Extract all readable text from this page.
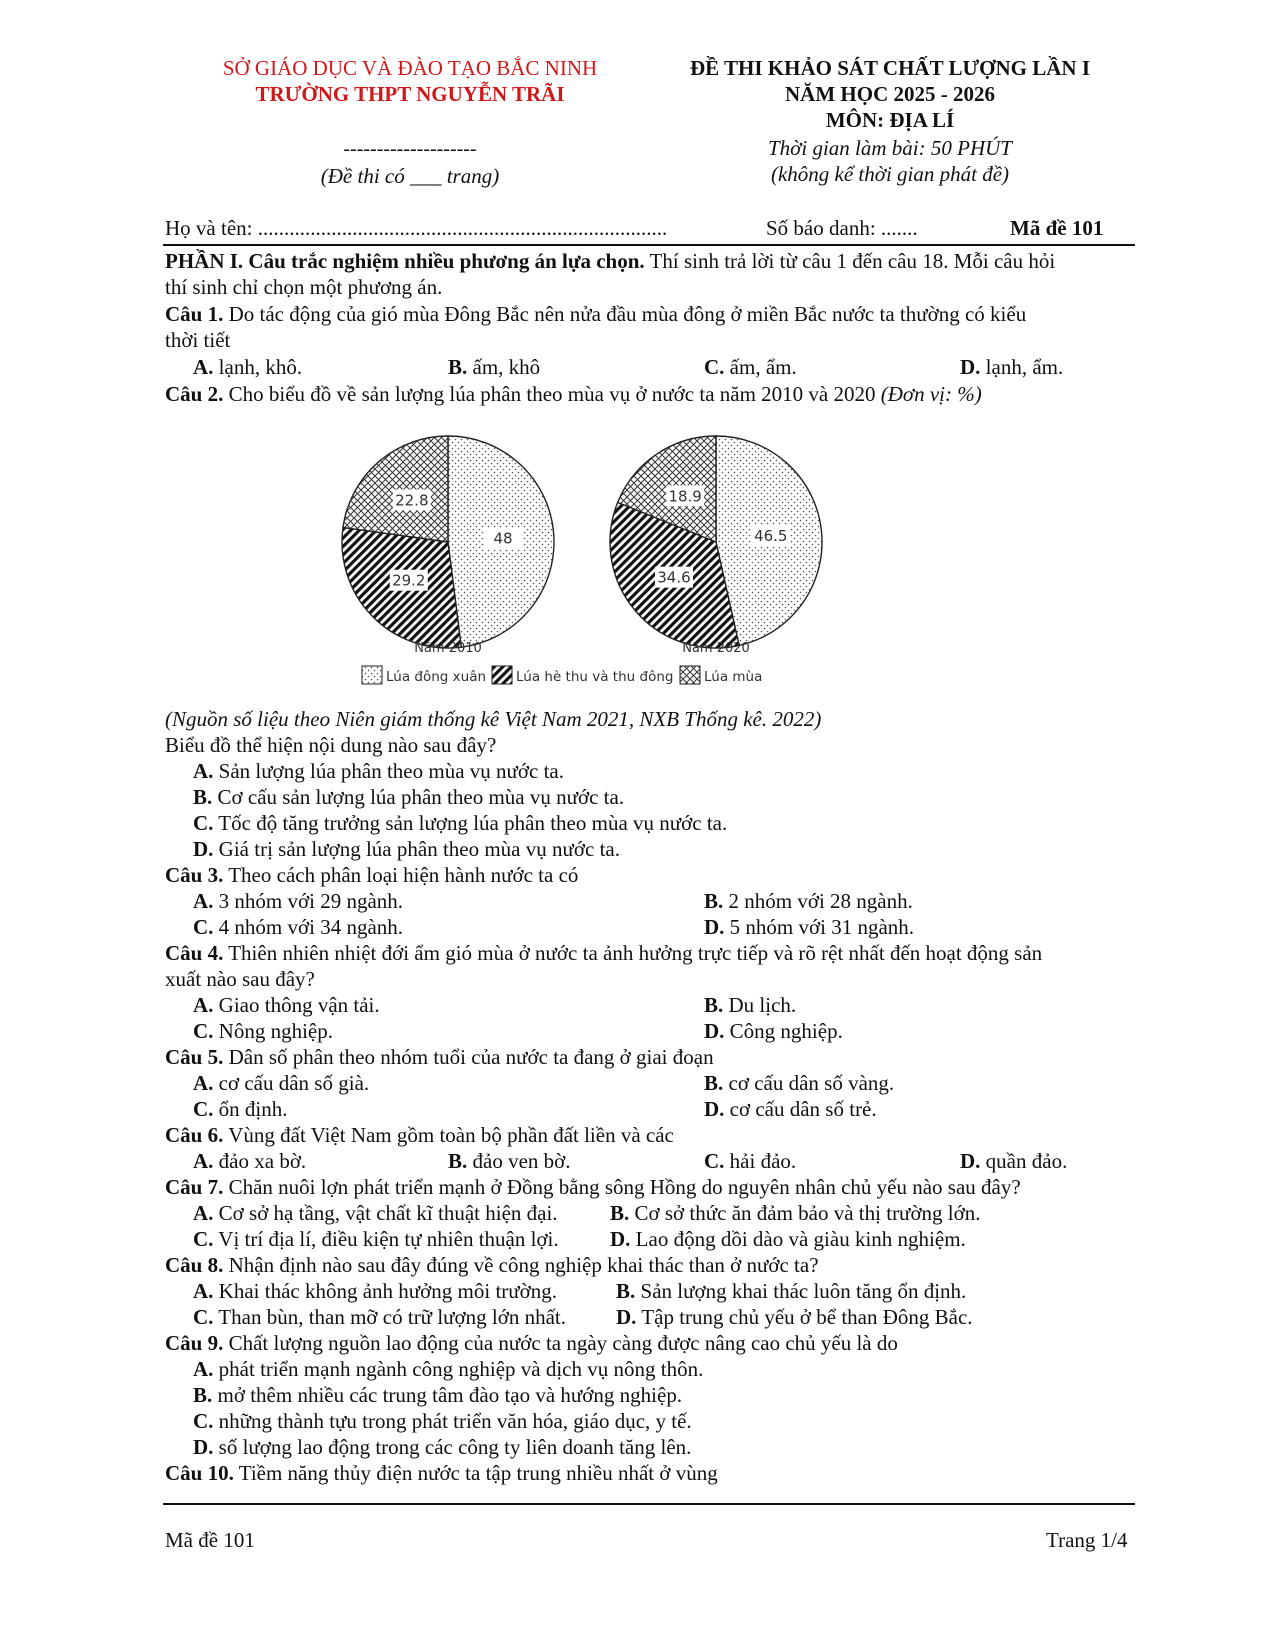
SỞ GIÁO DỤC VÀ ĐÀO TẠO BẮC NINH
TRƯỜNG THPT NGUYỄN TRÃI
--------------------
(Đề thi có ___ trang)
ĐỀ THI KHẢO SÁT CHẤT LƯỢNG LẦN I
NĂM HỌC 2025 - 2026
MÔN: ĐỊA LÍ
Thời gian làm bài: 50 PHÚT
(không kể thời gian phát đề)
Họ và tên: ..............................................................................	Số báo danh: .......	Mã đề 101
PHẦN I. Câu trắc nghiệm nhiều phương án lựa chọn. Thí sinh trả lời từ câu 1 đến câu 18. Mỗi câu hỏi
thí sinh chỉ chọn một phương án.
Câu 1. Do tác động của gió mùa Đông Bắc nên nửa đầu mùa đông ở miền Bắc nước ta thường có kiểu
thời tiết
A. lạnh, khô.	B. ấm, khô	C. ấm, ẩm.	D. lạnh, ẩm.
Câu 2. Cho biểu đồ về sản lượng lúa phân theo mùa vụ ở nước ta năm 2010 và 2020 (Đơn vị: %)
48
29.2
22.8
Năm 2010
46.5
34.6
18.9
Năm 2020
Lúa đông xuân Lúa hè thu và thu đông Lúa mùa
(Nguồn số liệu theo Niên giám thống kê Việt Nam 2021, NXB Thống kê. 2022)
Biểu đồ thể hiện nội dung nào sau đây?
A. Sản lượng lúa phân theo mùa vụ nước ta.
B. Cơ cấu sản lượng lúa phân theo mùa vụ nước ta.
C. Tốc độ tăng trưởng sản lượng lúa phân theo mùa vụ nước ta.
D. Giá trị sản lượng lúa phân theo mùa vụ nước ta.
Câu 3. Theo cách phân loại hiện hành nước ta có
A. 3 nhóm với 29 ngành.	B. 2 nhóm với 28 ngành.
C. 4 nhóm với 34 ngành.	D. 5 nhóm với 31 ngành.
Câu 4. Thiên nhiên nhiệt đới ẩm gió mùa ở nước ta ảnh hưởng trực tiếp và rõ rệt nhất đến hoạt động sản
xuất nào sau đây?
A. Giao thông vận tải.	B. Du lịch.
C. Nông nghiệp.	D. Công nghiệp.
Câu 5. Dân số phân theo nhóm tuổi của nước ta đang ở giai đoạn
A. cơ cấu dân số già.	B. cơ cấu dân số vàng.
C. ổn định.	D. cơ cấu dân số trẻ.
Câu 6. Vùng đất Việt Nam gồm toàn bộ phần đất liền và các
A. đảo xa bờ.	B. đảo ven bờ.	C. hải đảo.	D. quần đảo.
Câu 7. Chăn nuôi lợn phát triển mạnh ở Đồng bằng sông Hồng do nguyên nhân chủ yếu nào sau đây?
A. Cơ sở hạ tầng, vật chất kĩ thuật hiện đại. B. Cơ sở thức ăn đảm bảo và thị trường lớn.
C. Vị trí địa lí, điều kiện tự nhiên thuận lợi. D. Lao động dồi dào và giàu kinh nghiệm.
Câu 8. Nhận định nào sau đây đúng về công nghiệp khai thác than ở nước ta?
A. Khai thác không ảnh hưởng môi trường.	B. Sản lượng khai thác luôn tăng ổn định.
C. Than bùn, than mỡ có trữ lượng lớn nhất. D. Tập trung chủ yếu ở bể than Đông Bắc.
Câu 9. Chất lượng nguồn lao động của nước ta ngày càng được nâng cao chủ yếu là do
A. phát triển mạnh ngành công nghiệp và dịch vụ nông thôn.
B. mở thêm nhiều các trung tâm đào tạo và hướng nghiệp.
C. những thành tựu trong phát triển văn hóa, giáo dục, y tế.
D. số lượng lao động trong các công ty liên doanh tăng lên.
Câu 10. Tiềm năng thủy điện nước ta tập trung nhiều nhất ở vùng
Mã đề 101	Trang 1/4
